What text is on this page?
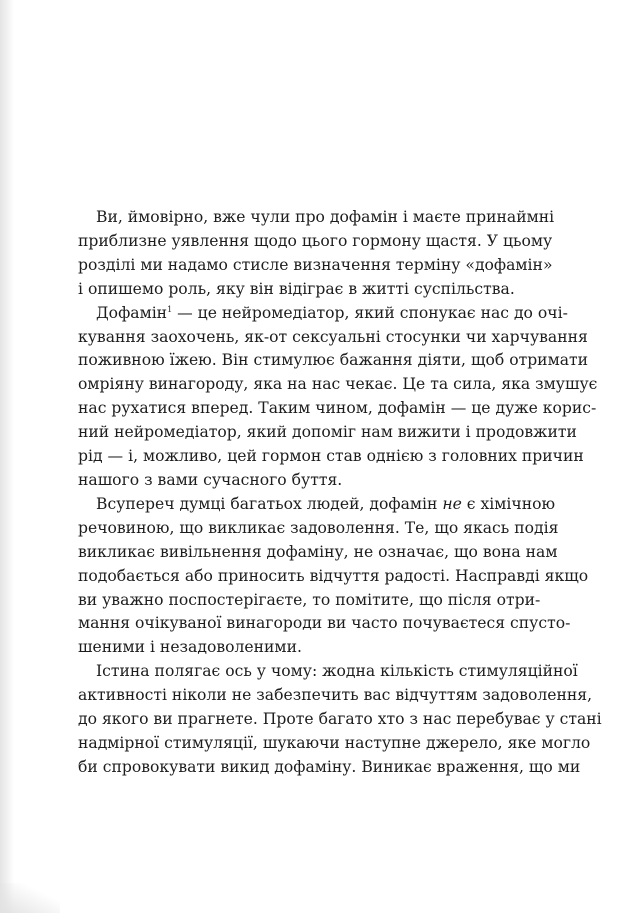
Ви, ймовірно, вже чули про дофамін і маєте принаймні
приблизне уявлення щодо цього гормону щастя. У цьому
розділі ми надамо стисле визначення терміну «дофамін»
і опишемо роль, яку він відіграє в житті суспільства.
Дофамін$^1$ — це нейромедіатор, який спонукає нас до очі-
кування заохочень, як-от сексуальні стосунки чи харчування
поживною їжею. Він стимулює бажання діяти, щоб отримати
омріяну винагороду, яка на нас чекає. Це та сила, яка змушує
нас рухатися вперед. Таким чином, дофамін — це дуже корис-
ний нейромедіатор, який допоміг нам вижити і продовжити
рід — і, можливо, цей гормон став однією з головних причин
нашого з вами сучасного буття.
Всупереч думці багатьох людей, дофамін не є хімічною
речовиною, що викликає задоволення. Те, що якась подія
викликає вивільнення дофаміну, не означає, що вона нам
подобається або приносить відчуття радості. Насправді якщо
ви уважно поспостерігаєте, то помітите, що після отри-
мання очікуваної винагороди ви часто почуваєтеся спусто-
шеними і незадоволеними.
Істина полягає ось у чому: жодна кількість стимуляційної
активності ніколи не забезпечить вас відчуттям задоволення,
до якого ви прагнете. Проте багато хто з нас перебуває у стані
надмірної стимуляції, шукаючи наступне джерело, яке могло
би спровокувати викид дофаміну. Виникає враження, що ми
